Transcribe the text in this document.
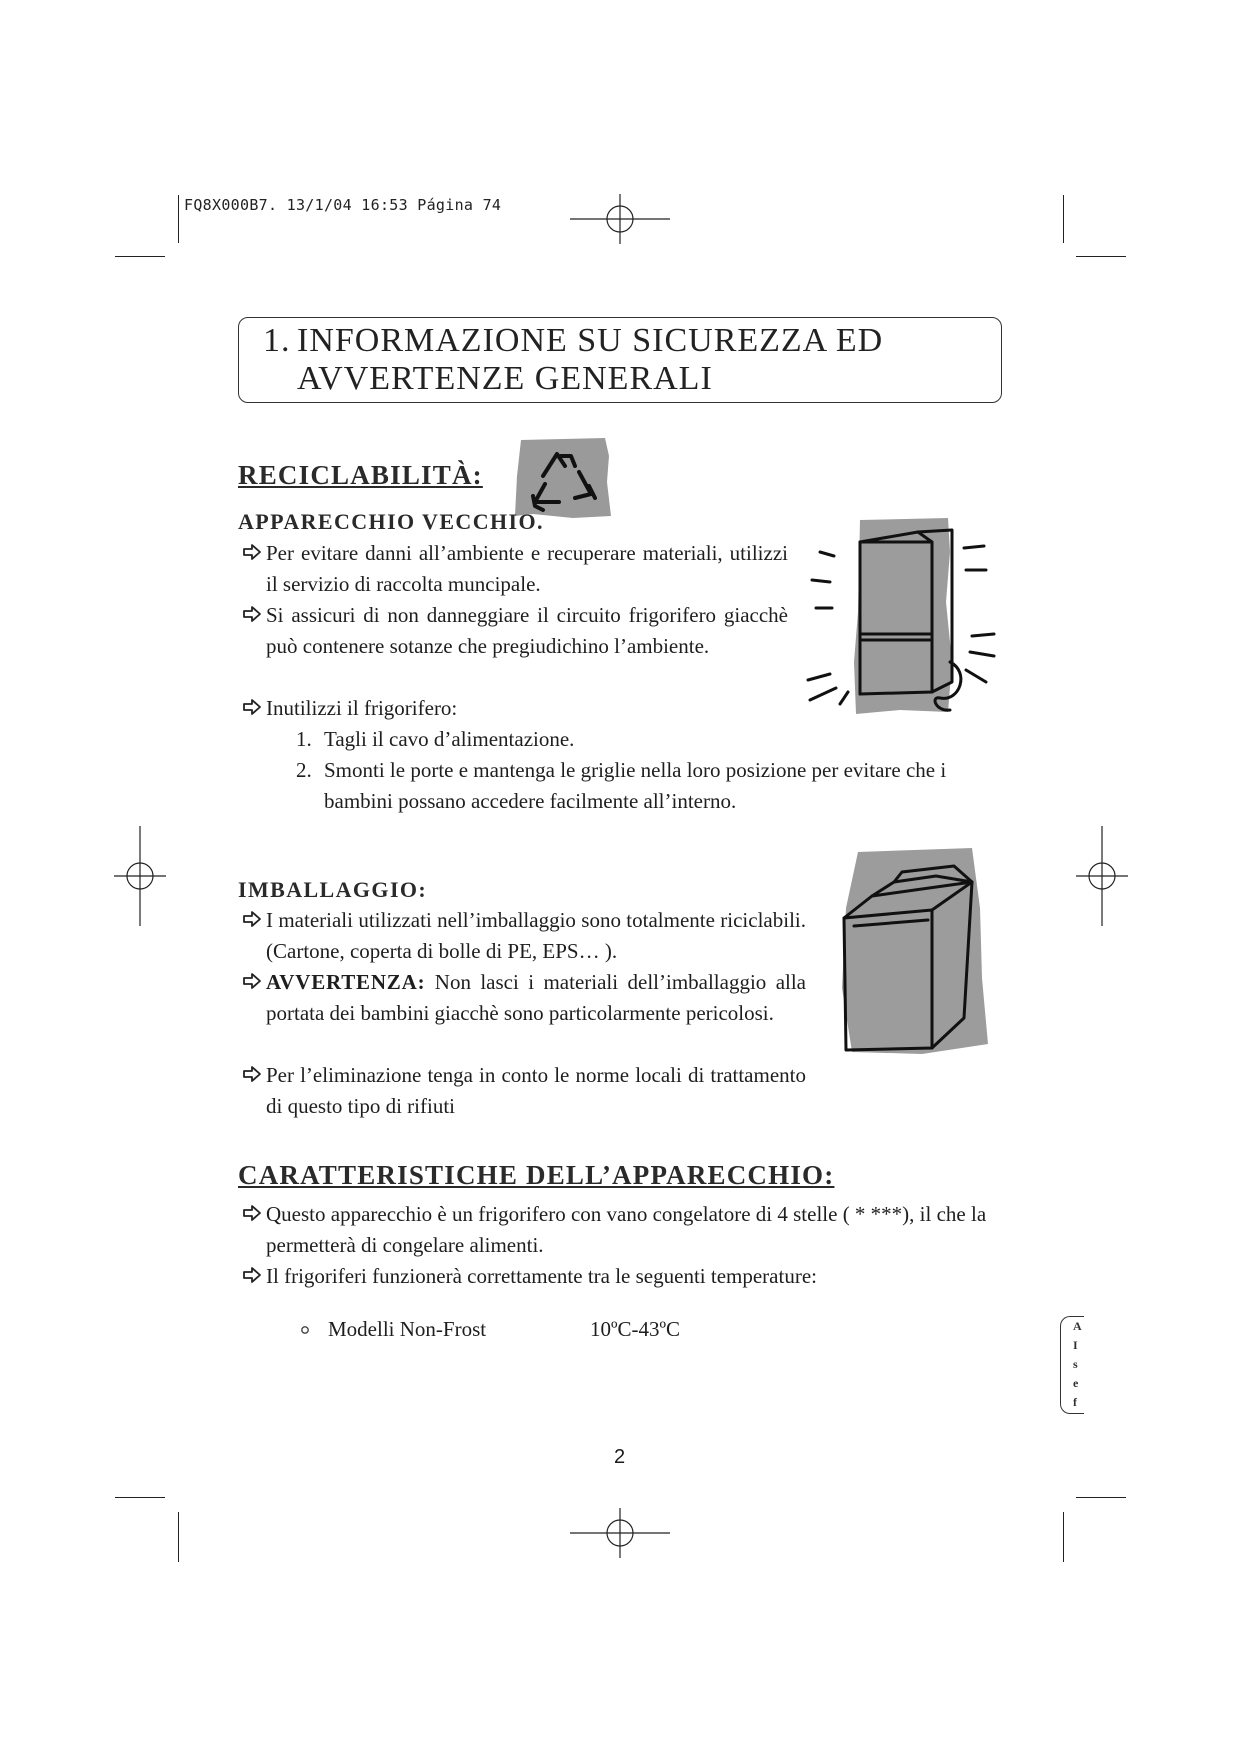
FQ8X000B7. 13/1/04 16:53 Página 74
1. INFORMAZIONE SU SICUREZZA ED
AVVERTENZE GENERALI
RECICLABILITÀ:
APPARECCHIO VECCHIO.
Per evitare danni all’ambiente e recuperare materiali, utilizzi il servizio di raccolta muncipale.
Si assicuri di non danneggiare il circuito frigorifero giacchè può contenere sotanze che pregiudichino l’ambiente.
Inutilizzi il frigorifero:
1. Tagli il cavo d’alimentazione.
2. Smonti le porte e mantenga le griglie nella loro posizione per evitare che i bambini possano accedere facilmente all’interno.
IMBALLAGGIO:
I materiali utilizzati nell’imballaggio sono totalmente riciclabili. (Cartone, coperta di bolle di PE, EPS… ).
AVVERTENZA: Non lasci i materiali dell’imballaggio alla portata dei bambini giacchè sono particolarmente pericolosi.
Per l’eliminazione tenga in conto le norme locali di trattamento di questo tipo di rifiuti
CARATTERISTICHE DELL’APPARECCHIO:
Questo apparecchio è un frigorifero con vano congelatore di 4 stelle ( * ***), il che la permetterà di congelare alimenti.
Il frigoriferi funzionerà correttamente tra le seguenti temperature:
Modelli Non-Frost	10ºC-43ºC	A
I
s
e
f
2
